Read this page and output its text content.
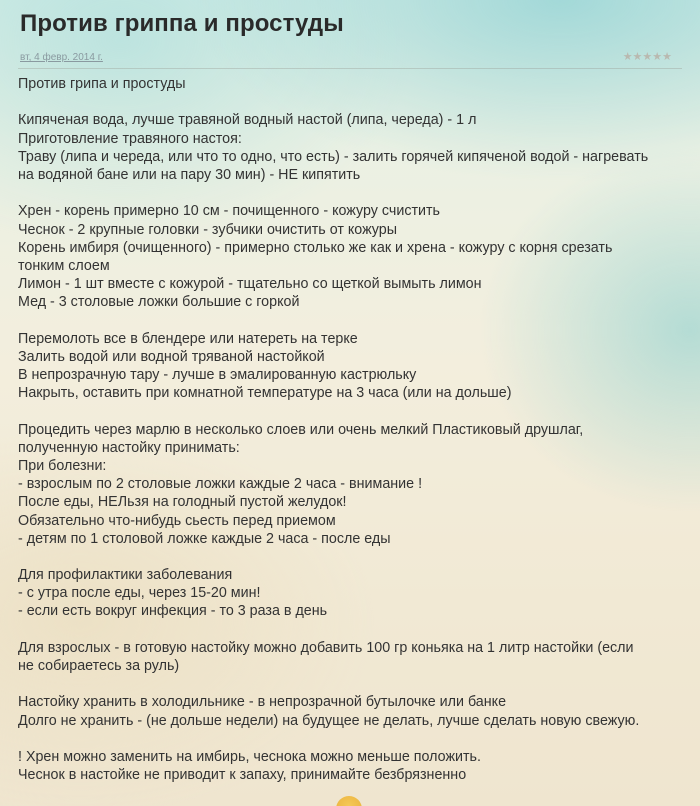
Против гриппа и простуды
вт, 4 февр. 2014 г.	★★★★★
Против грипа и простуды
Кипяченая вода, лучше травяной водный настой (липа, череда) - 1 л
Приготовление травяного настоя:
Траву (липа и череда, или что то одно, что есть) - залить горячей кипяченой водой - нагревать
на водяной бане или на пару 30 мин) - НЕ кипятить
Хрен - корень примерно 10 см - почищенного - кожуру счистить
Чеснок - 2 крупные головки - зубчики очистить от кожуры
Корень имбиря (очищенного) - примерно столько же как и хрена - кожуру с корня срезать
тонким слоем
Лимон - 1 шт вместе с кожурой - тщательно со щеткой вымыть лимон
Мед - 3 столовые ложки большие с горкой
Перемолоть все в блендере или натереть на терке
Залить водой или водной тряваной настойкой
В непрозрачную тару - лучше в эмалированную кастрюльку
Накрыть, оставить при комнатной температуре на 3 часа (или на дольше)
Процедить через марлю в несколько слоев или очень мелкий Пластиковый друшлаг,
полученную настойку принимать:
При болезни:
- взрослым по 2 столовые ложки каждые 2 часа - внимание !
После еды, НЕЛьзя на голодный пустой желудок!
Обязательно что-нибудь сьесть перед приемом
- детям по 1 столовой ложке каждые 2 часа - после еды
Для профилактики заболевания
- с утра после еды, через 15-20 мин!
- если есть вокруг инфекция - то 3 раза в день
Для взрослых - в готовую настойку можно добавить 100 гр коньяка на 1 литр настойки (если
не собираетесь за руль)
Настойку хранить в холодильнике - в непрозрачной бутылочке или банке
Долго не хранить - (не дольше недели) на будущее не делать, лучше сделать новую свежую.
! Хрен можно заменить на имбирь, чеснока можно меньше положить.
Чеснок в настойке не приводит к запаху, принимайте безбрязненно
